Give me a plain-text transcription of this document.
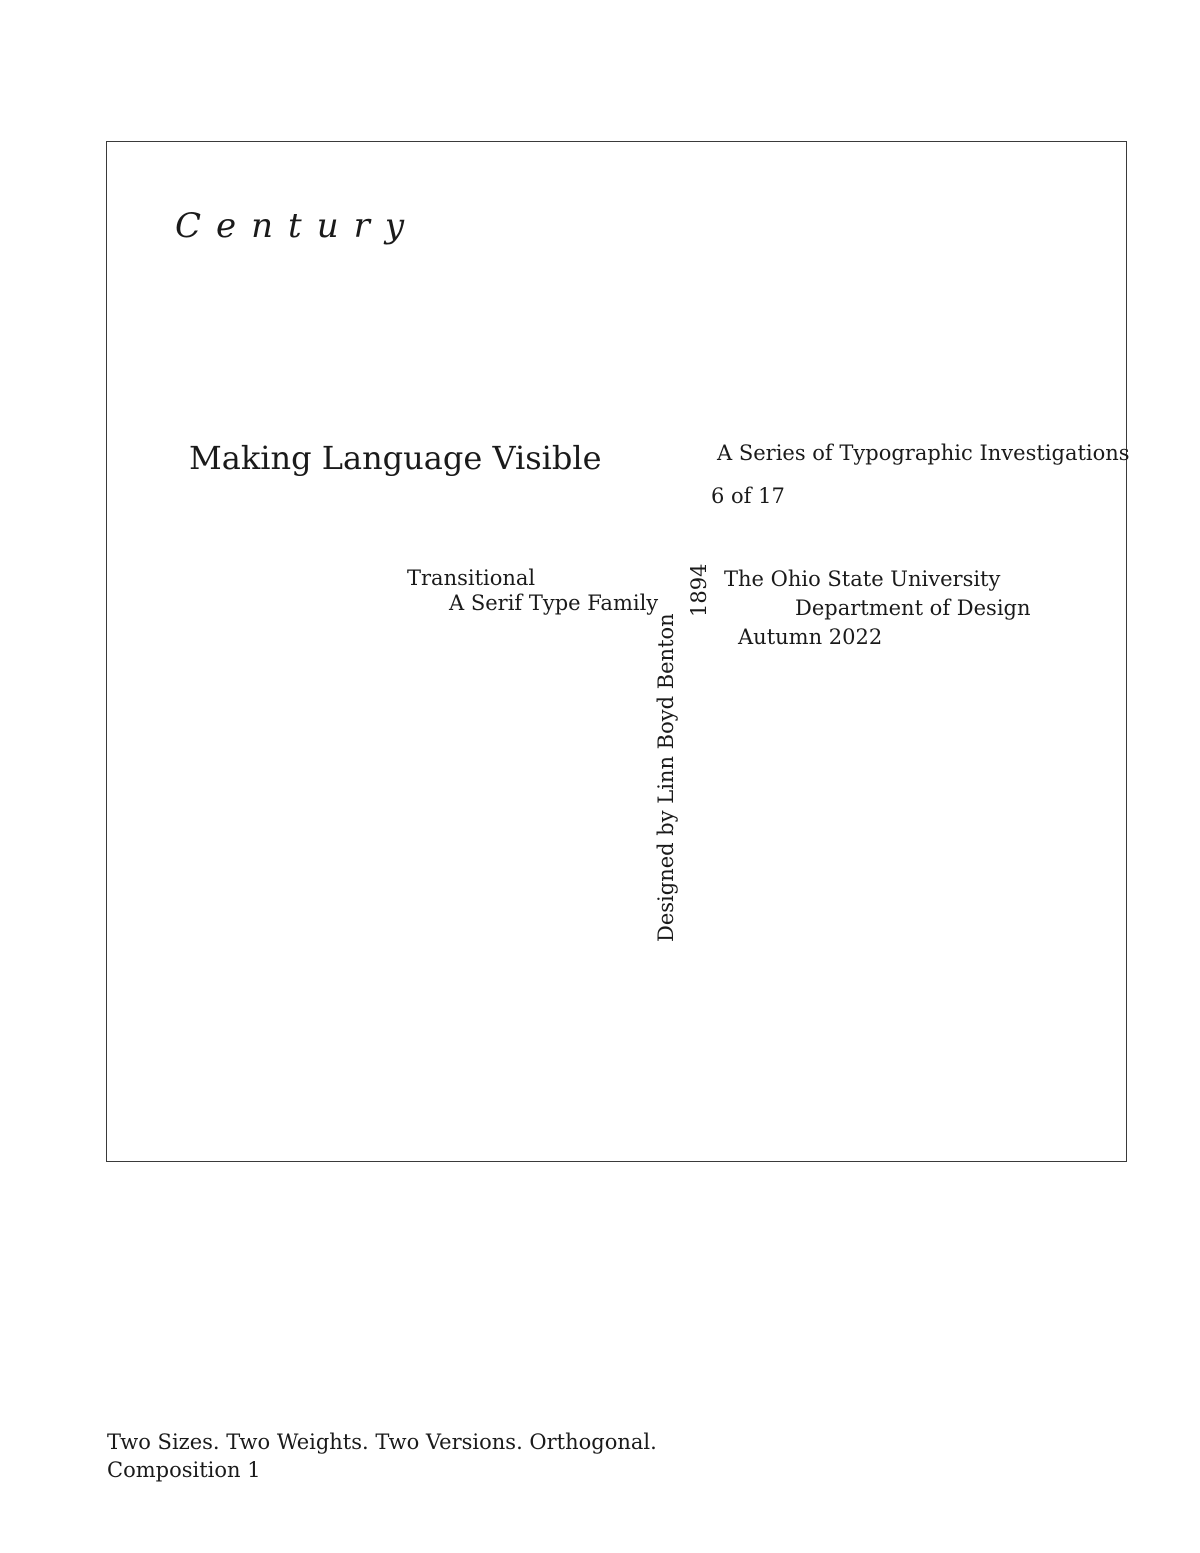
Century
Making Language Visible	A Series of Typographic Investigations
6 of 17
Transitional
A Serif Type Family 1894
Designed by Linn Boyd Benton
The Ohio State University
Department of Design
Autumn 2022
Two Sizes. Two Weights. Two Versions. Orthogonal.
Composition 1
